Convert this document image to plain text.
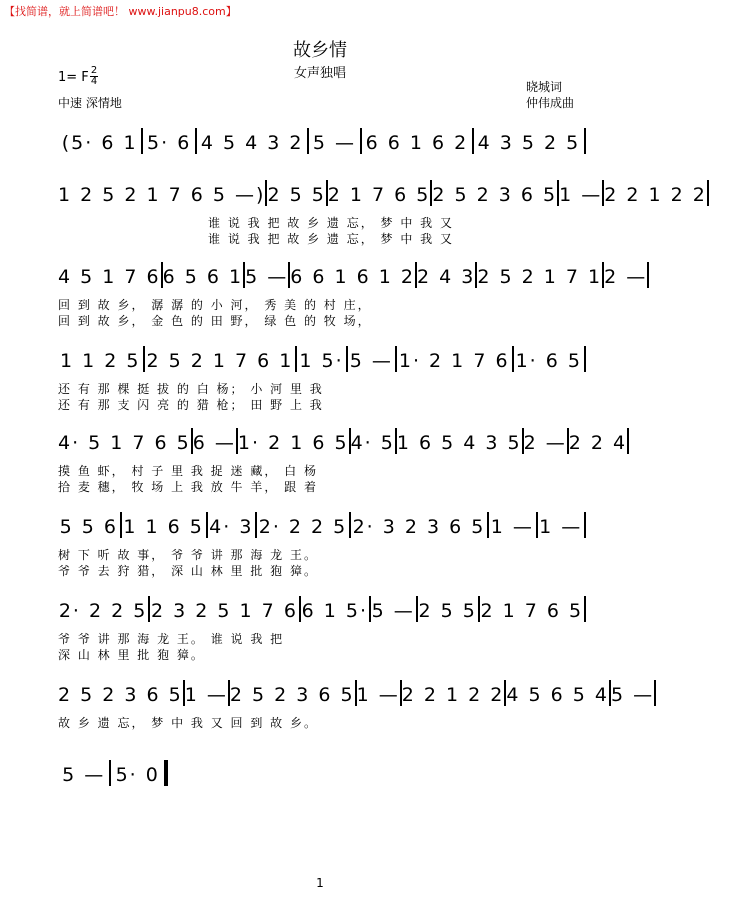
【找简谱，就上简谱吧！ www.jianpu8.com】
故乡情
女声独唱
1= F 2
4
中速 深情地
晓城词
仲伟成曲
(5· 6 1 5· 6 4 5 4 3 2 5 — 6 6 1 6 2 4 3 5 2 5
1 2 5 2 1 7 6 5 —) 2 5 5 2 1 7 6 5 2 5 2 3 6 5 1 — 2 2 1 2 2
谁 说 我 把 故 乡 遗 忘， 梦 中 我 又
谁 说 我 把 故 乡 遗 忘， 梦 中 我 又
4 5 1 7 6 6 5 6 1 5 — 6 6 1 6 1 2 2 4 3 2 5 2 1 7 1 2 —
回 到 故 乡， 潺 潺 的 小 河， 秀 美 的 村 庄，
回 到 故 乡， 金 色 的 田 野， 绿 色 的 牧 场，
1 1 2 5 2 5 2 1 7 6 1 1 5· 5 — 1· 2 1 7 6 1· 6 5
还 有 那 棵 挺 拔 的 白 杨； 小 河 里 我
还 有 那 支 闪 亮 的 猎 枪； 田 野 上 我
4· 5 1 7 6 5 6 — 1· 2 1 6 5 4· 5 1 6 5 4 3 5 2 — 2 2 4
摸 鱼 虾， 村 子 里 我 捉 迷 藏， 白 杨
拾 麦 穗， 牧 场 上 我 放 牛 羊， 跟 着
5 5 6 1 1 6 5 4· 3 2· 2 2 5 2· 3 2 3 6 5 1 — 1 —
树 下 听 故 事， 爷 爷 讲 那 海 龙 王。
爷 爷 去 狩 猎， 深 山 林 里 批 狍 獐。
2· 2 2 5 2 3 2 5 1 7 6 6 1 5· 5 — 2 5 5 2 1 7 6 5
爷 爷 讲 那 海 龙 王。 谁 说 我 把
深 山 林 里 批 狍 獐。
2 5 2 3 6 5 1 — 2 5 2 3 6 5 1 — 2 2 1 2 2 4 5 6 5 4 5 —
故 乡 遗 忘， 梦 中 我 又 回 到 故 乡。
5 — 5· 0
1
